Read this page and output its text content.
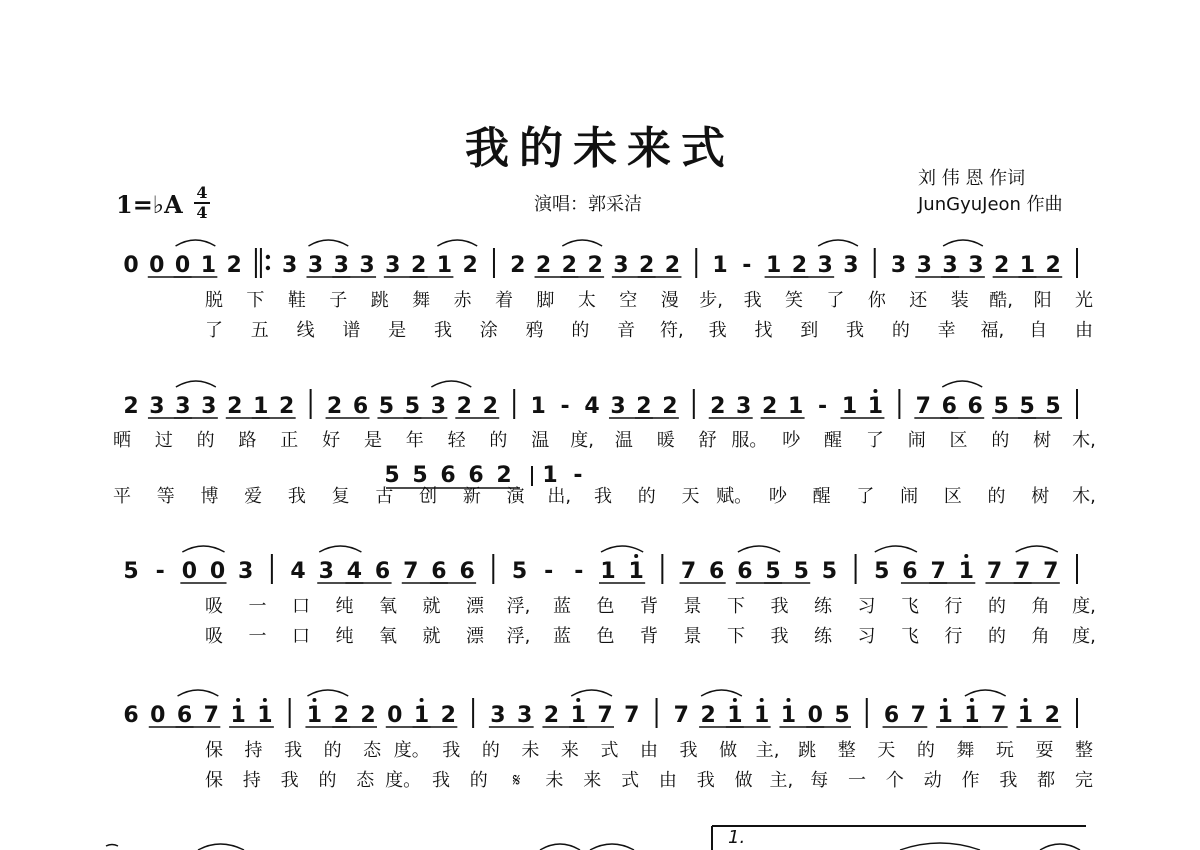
我的未来式
刘 伟 恩 作词
JunGyuJeon 作曲
演唱：郭采洁
1=♭A 4
4
0 0 0 1 2 3 3 3 3 3 2 1 2 2 2 2 2 3 2 2 1 - 1 2 3 3 3 3 3 3 2 1 2
脱 下 鞋 子 跳 舞 赤 着 脚 太 空 漫 步, 我 笑 了 你 还 装 酷, 阳 光
了 五 线 谱 是 我 涂 鸦 的 音 符, 我 找 到 我 的 幸 福, 自 由
2 3 3 3 2 1 2 2 6 5 5 3 2 2 1 - 4 3 2 2 2 3 2 1 - 1 1 7 6 6 5 5 5
晒 过 的 路 正 好 是 年 轻 的 温 度, 温 暖 舒 服。 吵 醒 了 闹 区 的 树 木,
平 等 博 爱 我 复 古 创 新 演 出, 我 的 天 赋。 吵 醒 了 闹 区 的 树 木,
5 5 6 6 2 1 -
5 - 0 0 3 4 3 4 6 7 6 6 5 - - 1 1 7 6 6 5 5 5 5 6 7 1 7 7 7
吸 一 口 纯 氧 就 漂 浮, 蓝 色 背 景 下 我 练 习 飞 行 的 角 度,
吸 一 口 纯 氧 就 漂 浮, 蓝 色 背 景 下 我 练 习 飞 行 的 角 度,
6 0 6 7 1 1 1 2 2 0 1 2 3 3 2 1 7 7 7 2 1 1 1 0 5 6 7 1 1 7 1 2
保 持 我 的 态 度。 我 的 未 来 式 由 我 做 主, 跳 整 天 的 舞 玩 耍 整
保 持 我 的 态 度。 我 的 𝄋 未 来 式 由 我 做 主, 每 一 个 动 作 我 都 完
1.
